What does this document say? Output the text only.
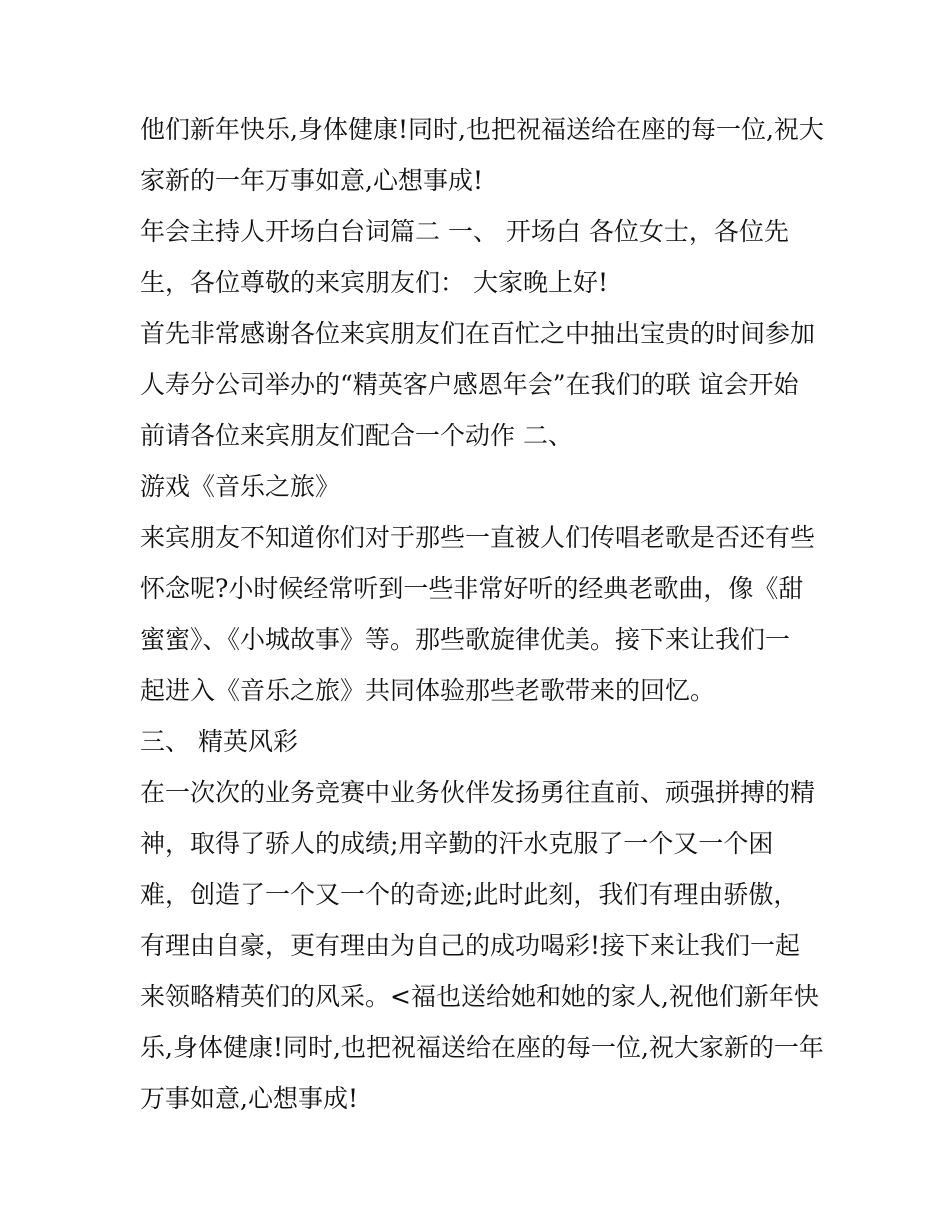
他们新年快乐,身体健康!同时,也把祝福送给在座的每一位,祝大
家新的一年万事如意,心想事成!
年会主持人开场白台词篇二 一、 开场白 各位女士，各位先
生，各位尊敬的来宾朋友们： 大家晚上好!
首先非常感谢各位来宾朋友们在百忙之中抽出宝贵的时间参加
人寿分公司举办的“精英客户感恩年会”在我们的联 谊会开始
前请各位来宾朋友们配合一个动作 二、
游戏《音乐之旅》
来宾朋友不知道你们对于那些一直被人们传唱老歌是否还有些
怀念呢?小时候经常听到一些非常好听的经典老歌曲，像《甜
蜜蜜》、《小城故事》等。那些歌旋律优美。接下来让我们一
起进入《音乐之旅》共同体验那些老歌带来的回忆。
三、 精英风彩
在一次次的业务竞赛中业务伙伴发扬勇往直前、顽强拼搏的精
神，取得了骄人的成绩;用辛勤的汗水克服了一个又一个困
难，创造了一个又一个的奇迹;此时此刻，我们有理由骄傲，
有理由自豪，更有理由为自己的成功喝彩!接下来让我们一起
来领略精英们的风采。<福也送给她和她的家人,祝他们新年快
乐,身体健康!同时,也把祝福送给在座的每一位,祝大家新的一年
万事如意,心想事成!
